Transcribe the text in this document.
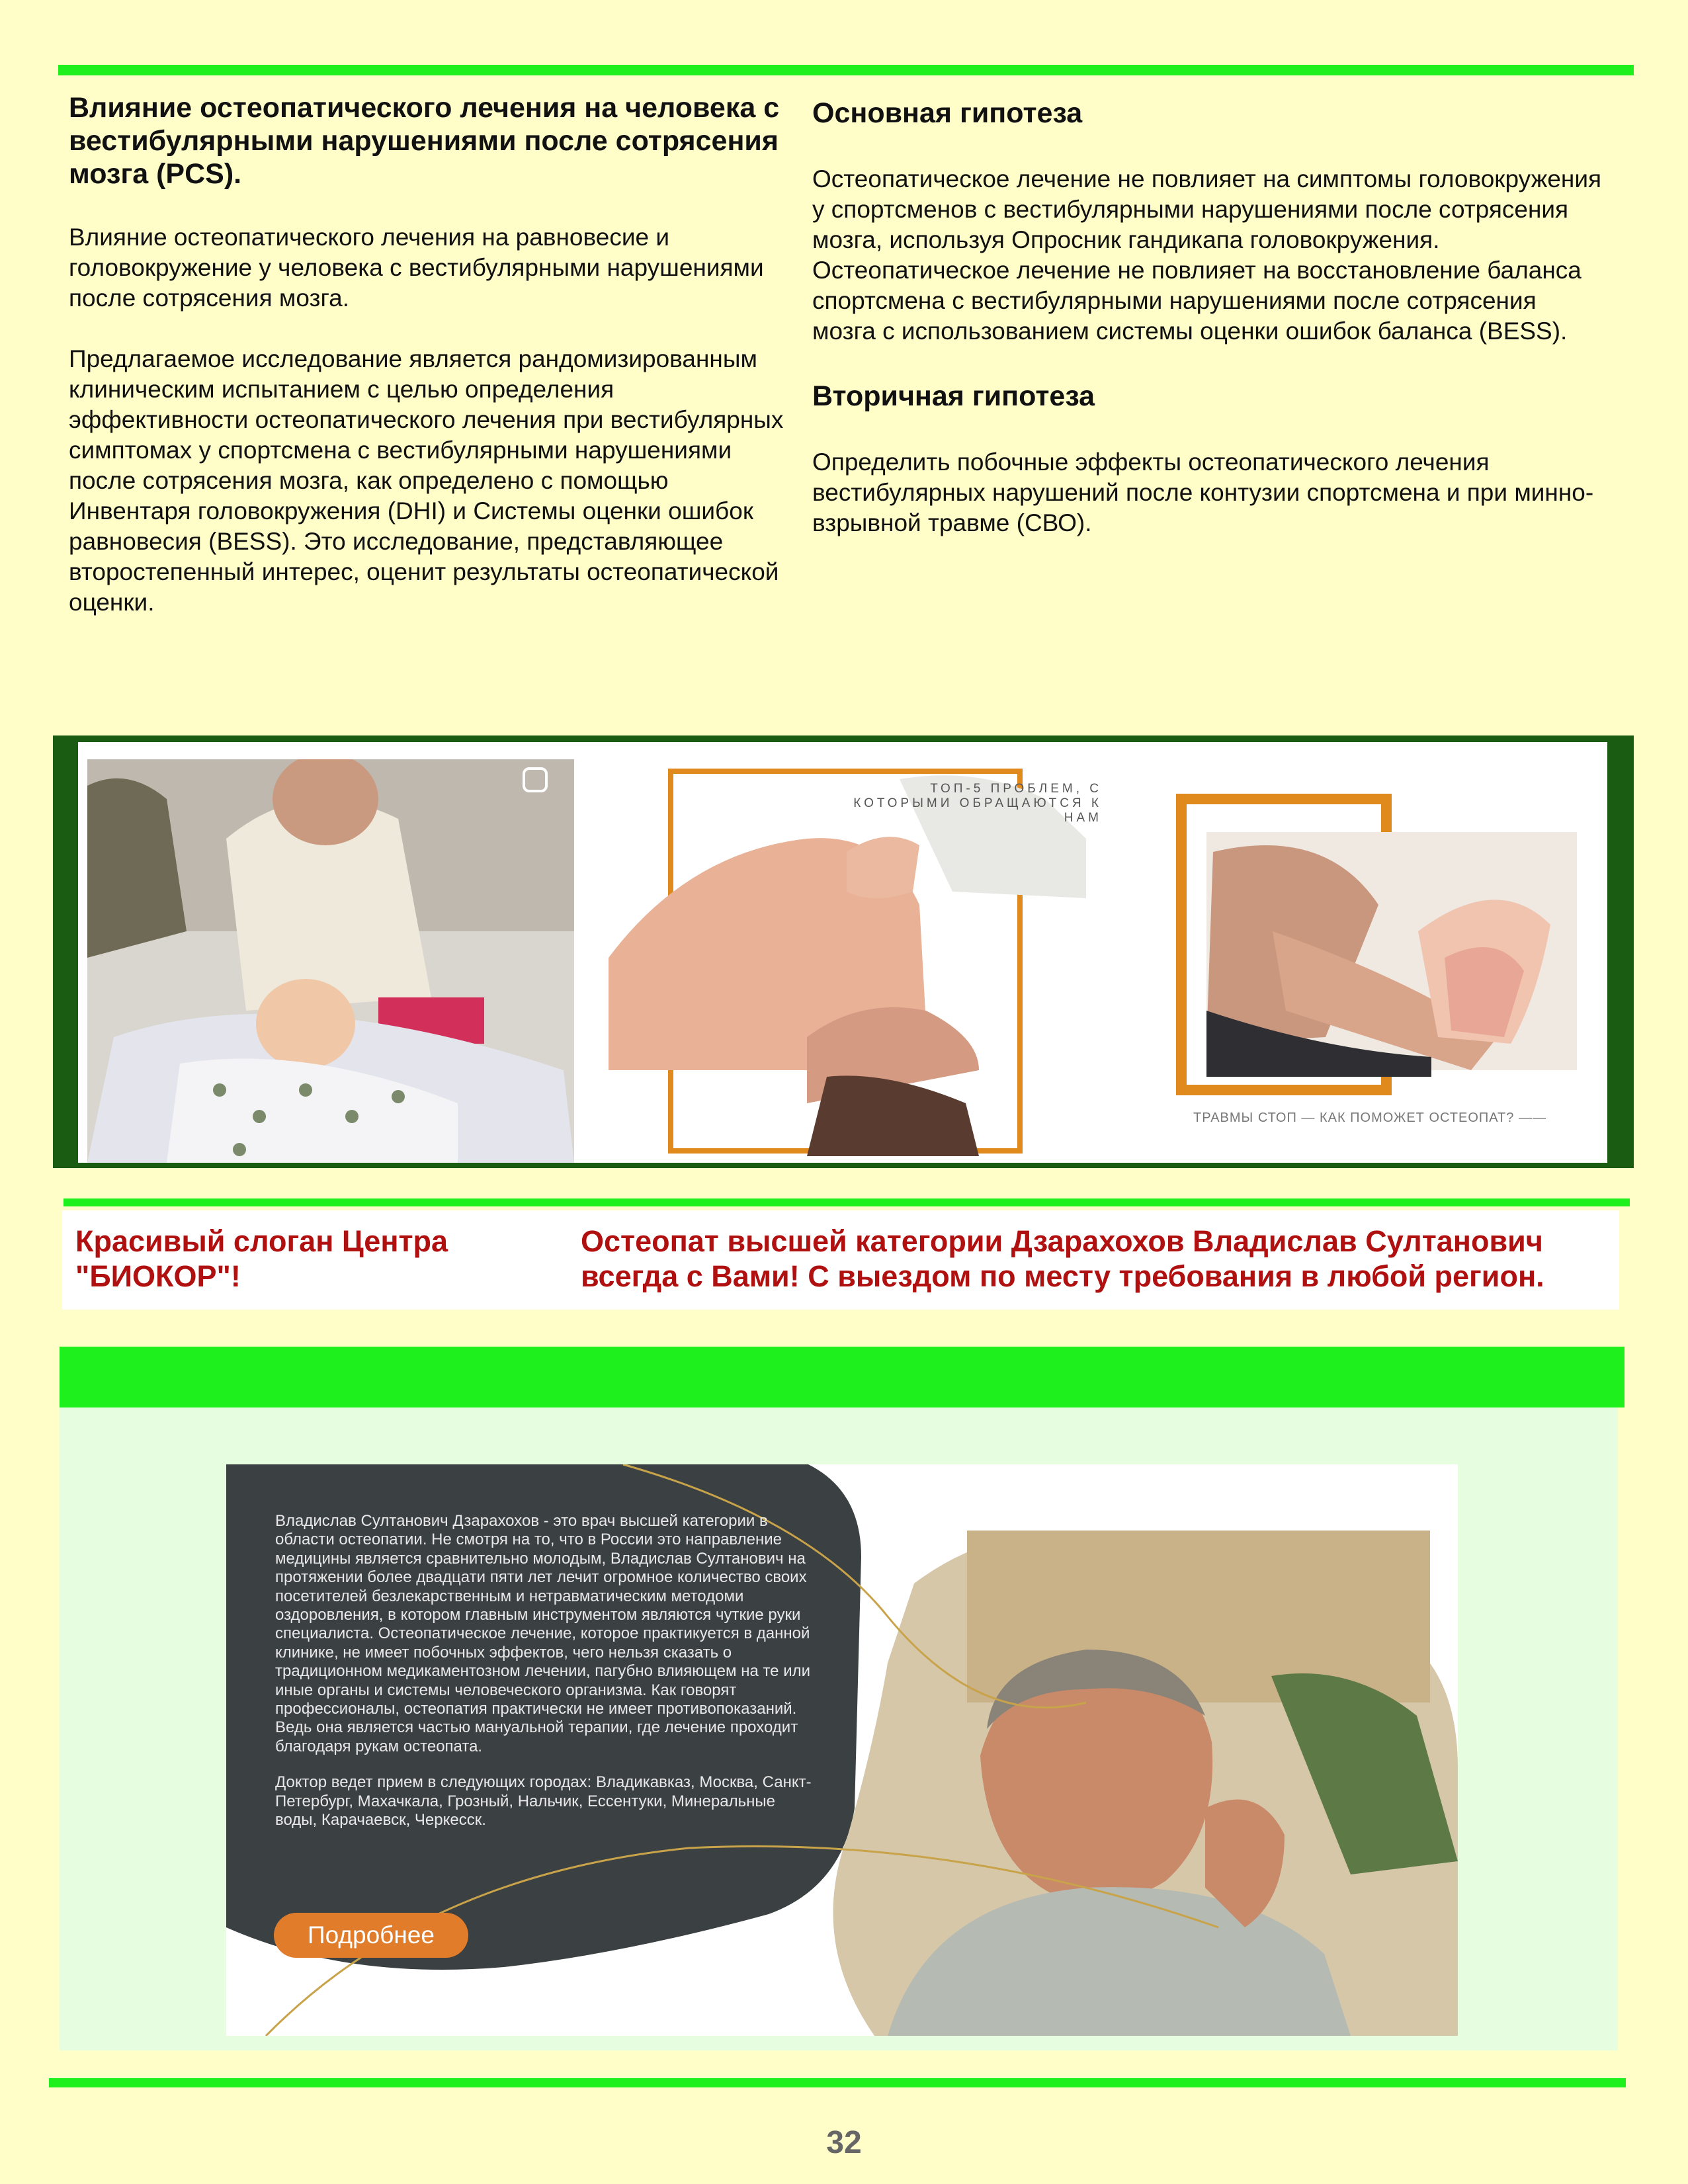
Влияние остеопатического лечения на человека с вестибулярными нарушениями после сотрясения мозга (PCS).

Влияние остеопатического лечения на равновесие и головокружение у человека с вестибулярными нарушениями после сотрясения мозга.

Предлагаемое исследование является рандомизированным клиническим испытанием с целью определения эффективности остеопатического лечения при вестибулярных симптомах у спортсмена с вестибулярными нарушениями после сотрясения мозга, как определено с помощью Инвентаря головокружения (DHI) и Системы оценки ошибок равновесия (BESS). Это исследование, представляющее второстепенный интерес, оценит результаты остеопатической оценки.

Основная гипотеза

Остеопатическое лечение не повлияет на симптомы головокружения у спортсменов с вестибулярными нарушениями после сотрясения мозга, используя Опросник гандикапа головокружения.

Остеопатическое лечение не повлияет на восстановление баланса спортсмена с вестибулярными нарушениями после сотрясения мозга с использованием системы оценки ошибок баланса (BESS).

Вторичная гипотеза

Определить побочные эффекты остеопатического лечения вестибулярных нарушений после контузии спортсмена и при минно-взрывной травме (СВО).

ТОП-5 ПРОБЛЕМ, С КОТОРЫМИ ОБРАЩАЮТСЯ К НАМ
ТРАВМЫ СТОП — КАК ПОМОЖЕТ ОСТЕОПАТ? ——
Красивый слоган Центра "БИОКОР"!
Остеопат высшей категории Дзарахохов Владислав Султанович всегда с Вами! С выездом по месту требования в любой регион.

Владислав Султанович Дзарахохов - это врач высшей категории в области остеопатии. Не смотря на то, что в России это направление медицины является сравнительно молодым, Владислав Султанович на протяжении более двадцати пяти лет лечит огромное количество своих посетителей безлекарственным и нетравматическим методоми оздоровления, в котором главным инструментом являются чуткие руки специалиста. Остеопатическое лечение, которое практикуется в данной клинике, не имеет побочных эффектов, чего нельзя сказать о традиционном медикаментозном лечении, пагубно влияющем на те или иные органы и системы человеческого организма. Как говорят профессионалы, остеопатия практически не имеет противопоказаний. Ведь она является частью мануальной терапии, где лечение проходит благодаря рукам остеопата.

Доктор ведет прием в следующих городах: Владикавказ, Москва, Санкт-Петербург, Махачкала, Грозный, Нальчик, Ессентуки, Минеральные воды, Карачаевск, Черкесск.

Подробнее
32
